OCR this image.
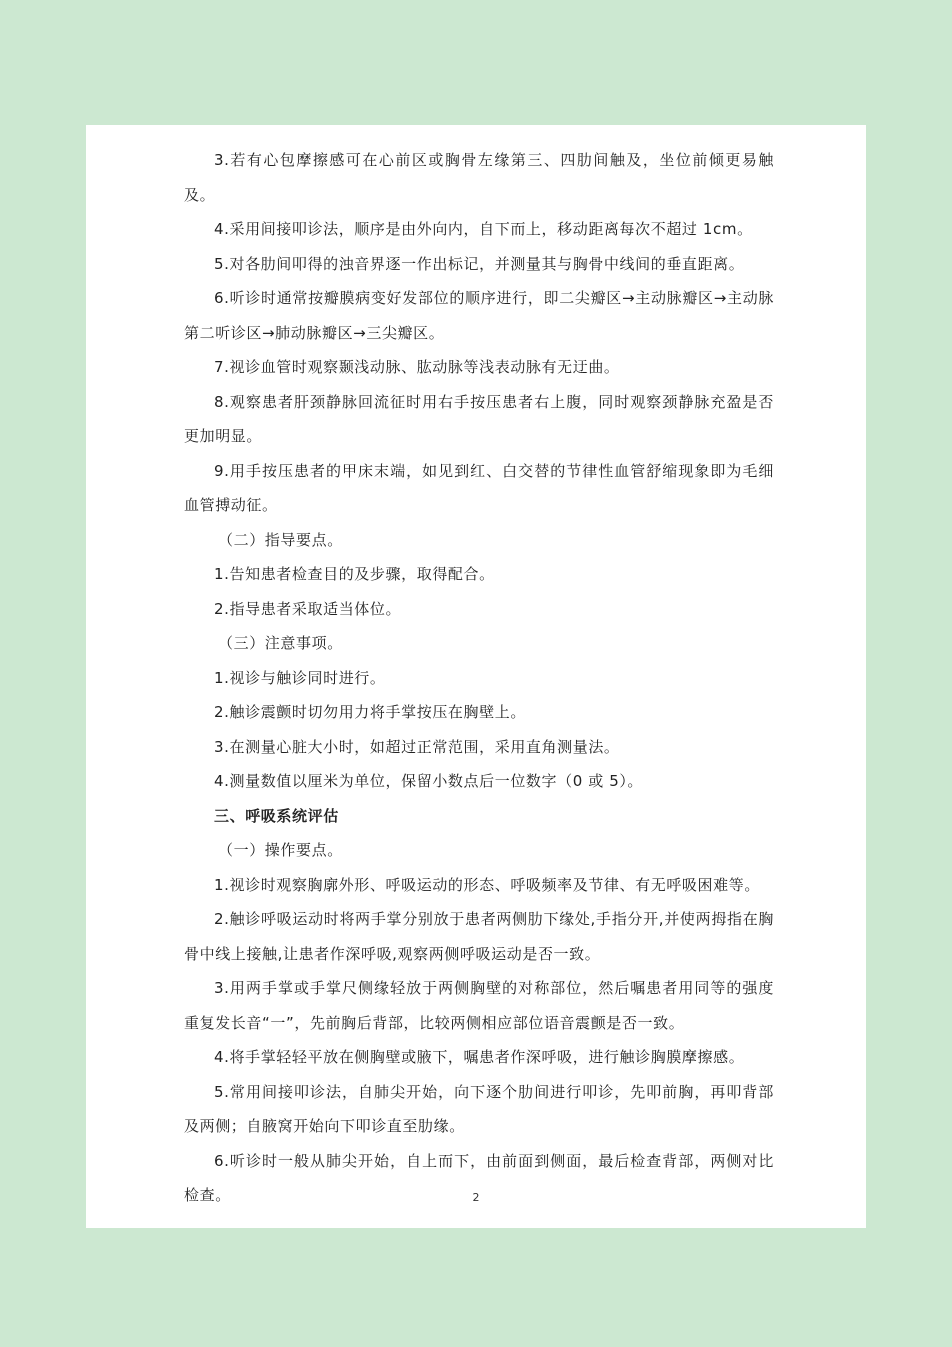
3.若有心包摩擦感可在心前区或胸骨左缘第三、四肋间触及，坐位前倾更易触及。

4.采用间接叩诊法，顺序是由外向内，自下而上，移动距离每次不超过 1cm。

5.对各肋间叩得的浊音界逐一作出标记，并测量其与胸骨中线间的垂直距离。

6.听诊时通常按瓣膜病变好发部位的顺序进行，即二尖瓣区→主动脉瓣区→主动脉第二听诊区→肺动脉瓣区→三尖瓣区。

7.视诊血管时观察颞浅动脉、肱动脉等浅表动脉有无迂曲。

8.观察患者肝颈静脉回流征时用右手按压患者右上腹，同时观察颈静脉充盈是否更加明显。

9.用手按压患者的甲床末端，如见到红、白交替的节律性血管舒缩现象即为毛细血管搏动征。

（二）指导要点。

1.告知患者检查目的及步骤，取得配合。

2.指导患者采取适当体位。

（三）注意事项。

1.视诊与触诊同时进行。

2.触诊震颤时切勿用力将手掌按压在胸壁上。

3.在测量心脏大小时，如超过正常范围，采用直角测量法。

4.测量数值以厘米为单位，保留小数点后一位数字（0 或 5）。

三、呼吸系统评估

（一）操作要点。

1.视诊时观察胸廓外形、呼吸运动的形态、呼吸频率及节律、有无呼吸困难等。

2.触诊呼吸运动时将两手掌分别放于患者两侧肋下缘处,手指分开,并使两拇指在胸骨中线上接触,让患者作深呼吸,观察两侧呼吸运动是否一致。

3.用两手掌或手掌尺侧缘轻放于两侧胸壁的对称部位，然后嘱患者用同等的强度重复发长音“一”，先前胸后背部，比较两侧相应部位语音震颤是否一致。

4.将手掌轻轻平放在侧胸壁或腋下，嘱患者作深呼吸，进行触诊胸膜摩擦感。

5.常用间接叩诊法，自肺尖开始，向下逐个肋间进行叩诊，先叩前胸，再叩背部及两侧；自腋窝开始向下叩诊直至肋缘。

6.听诊时一般从肺尖开始，自上而下，由前面到侧面，最后检查背部，两侧对比检查。	2
